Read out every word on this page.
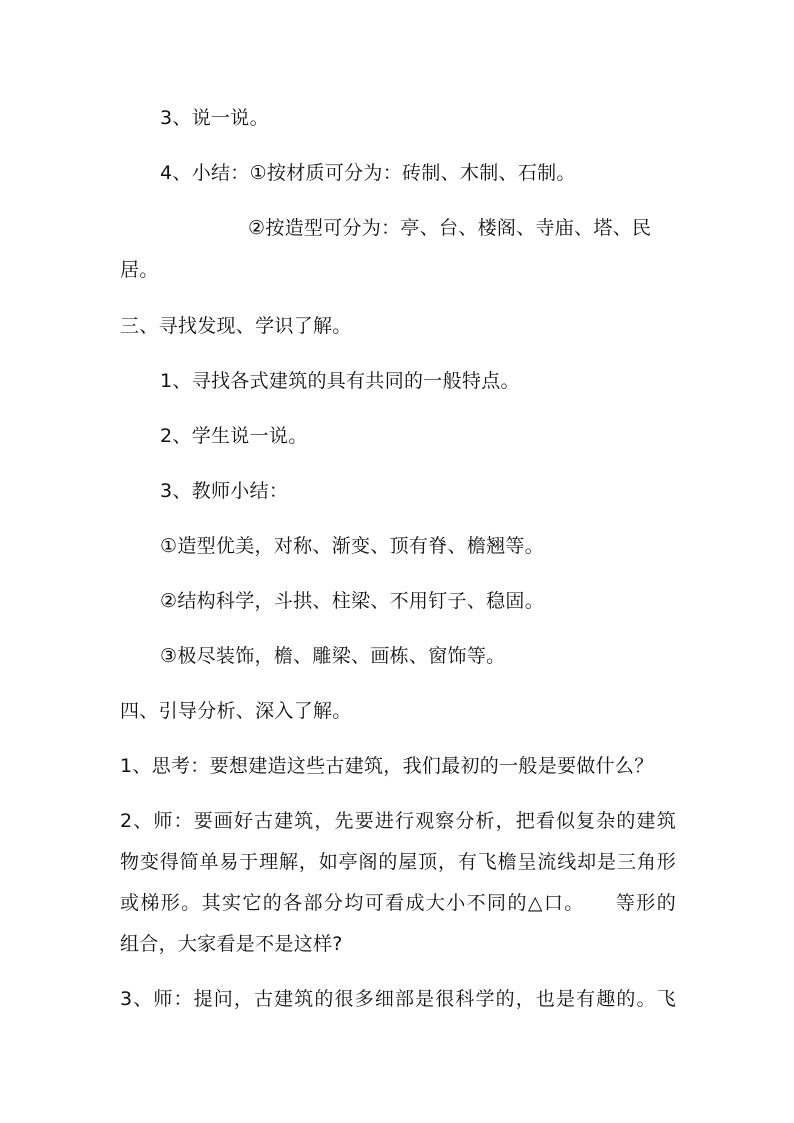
3、说一说。
4、小结：①按材质可分为：砖制、木制、石制。
②按造型可分为：亭、台、楼阁、寺庙、塔、民
居。
三、寻找发现、学识了解。
1、寻找各式建筑的具有共同的一般特点。
2、学生说一说。
3、教师小结：
①造型优美，对称、渐变、顶有脊、檐翘等。
②结构科学，斗拱、柱梁、不用钉子、稳固。
③极尽装饰，檐、雕梁、画栋、窗饰等。
四、引导分析、深入了解。
1、思考：要想建造这些古建筑，我们最初的一般是要做什么？
2、师：要画好古建筑，先要进行观察分析，把看似复杂的建筑
物变得简单易于理解，如亭阁的屋顶，有飞檐呈流线却是三角形
或梯形。其实它的各部分均可看成大小不同的△口。　　等形的
组合，大家看是不是这样?
3、师：提问，古建筑的很多细部是很科学的，也是有趣的。飞
